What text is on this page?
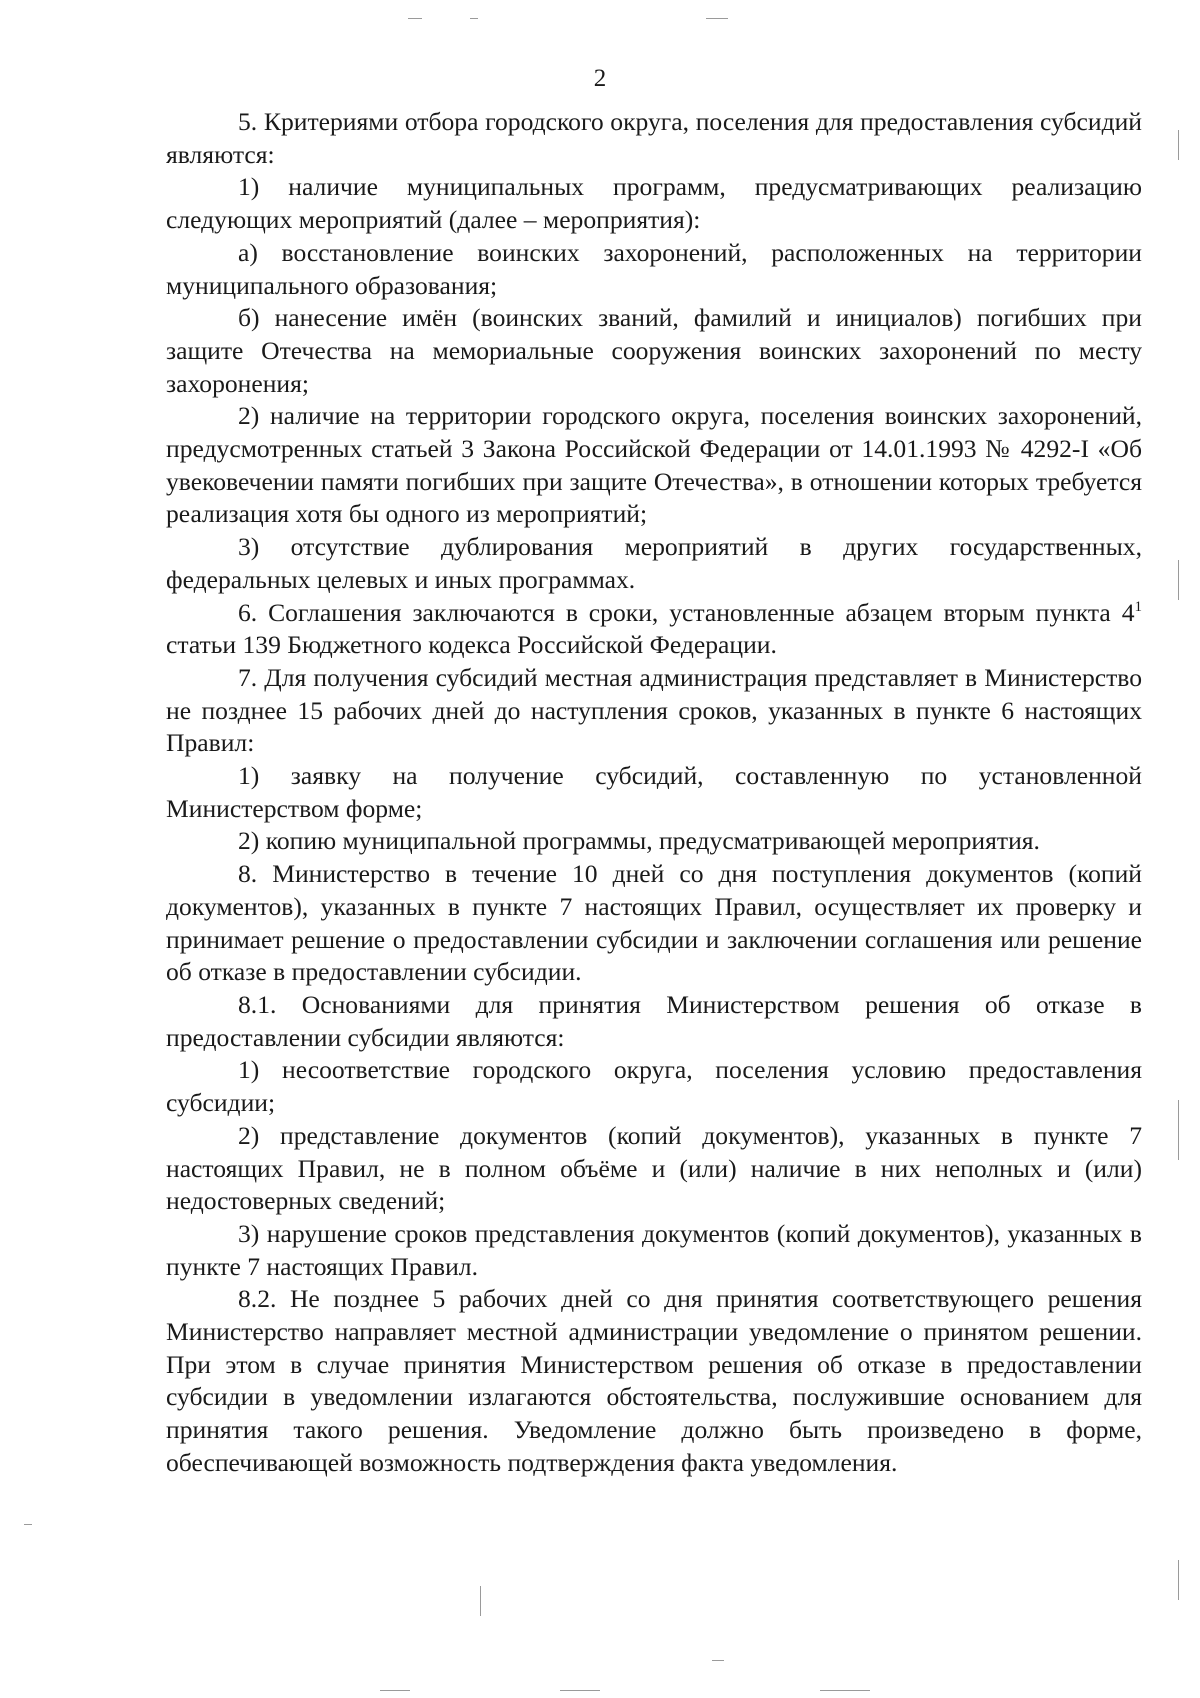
2

5. Критериями отбора городского округа, поселения для предоставления субсидий являются:

1) наличие муниципальных программ, предусматривающих реализацию следующих мероприятий (далее – мероприятия):

а) восстановление воинских захоронений, расположенных на территории муниципального образования;

б) нанесение имён (воинских званий, фамилий и инициалов) погибших при защите Отечества на мемориальные сооружения воинских захоронений по месту захоронения;

2) наличие на территории городского округа, поселения воинских захоронений, предусмотренных статьей 3 Закона Российской Федерации от 14.01.1993 № 4292-I «Об увековечении памяти погибших при защите Отечества», в отношении которых требуется реализация хотя бы одного из мероприятий;

3) отсутствие дублирования мероприятий в других государственных, федеральных целевых и иных программах.

6. Соглашения заключаются в сроки, установленные абзацем вторым пункта $4^1$ статьи 139 Бюджетного кодекса Российской Федерации.

7. Для получения субсидий местная администрация представляет в Министерство не позднее 15 рабочих дней до наступления сроков, указанных в пункте 6 настоящих Правил:

1) заявку на получение субсидий, составленную по установленной Министерством форме;

2) копию муниципальной программы, предусматривающей мероприятия.

8. Министерство в течение 10 дней со дня поступления документов (копий документов), указанных в пункте 7 настоящих Правил, осуществляет их проверку и принимает решение о предоставлении субсидии и заключении соглашения или решение об отказе в предоставлении субсидии.

8.1. Основаниями для принятия Министерством решения об отказе в предоставлении субсидии являются:

1) несоответствие городского округа, поселения условию предоставления субсидии;

2) представление документов (копий документов), указанных в пункте 7 настоящих Правил, не в полном объёме и (или) наличие в них неполных и (или) недостоверных сведений;

3) нарушение сроков представления документов (копий документов), указанных в пункте 7 настоящих Правил.

8.2. Не позднее 5 рабочих дней со дня принятия соответствующего решения Министерство направляет местной администрации уведомление о принятом решении. При этом в случае принятия Министерством решения об отказе в предоставлении субсидии в уведомлении излагаются обстоятельства, послужившие основанием для принятия такого решения. Уведомление должно быть произведено в форме, обеспечивающей возможность подтверждения факта уведомления.
